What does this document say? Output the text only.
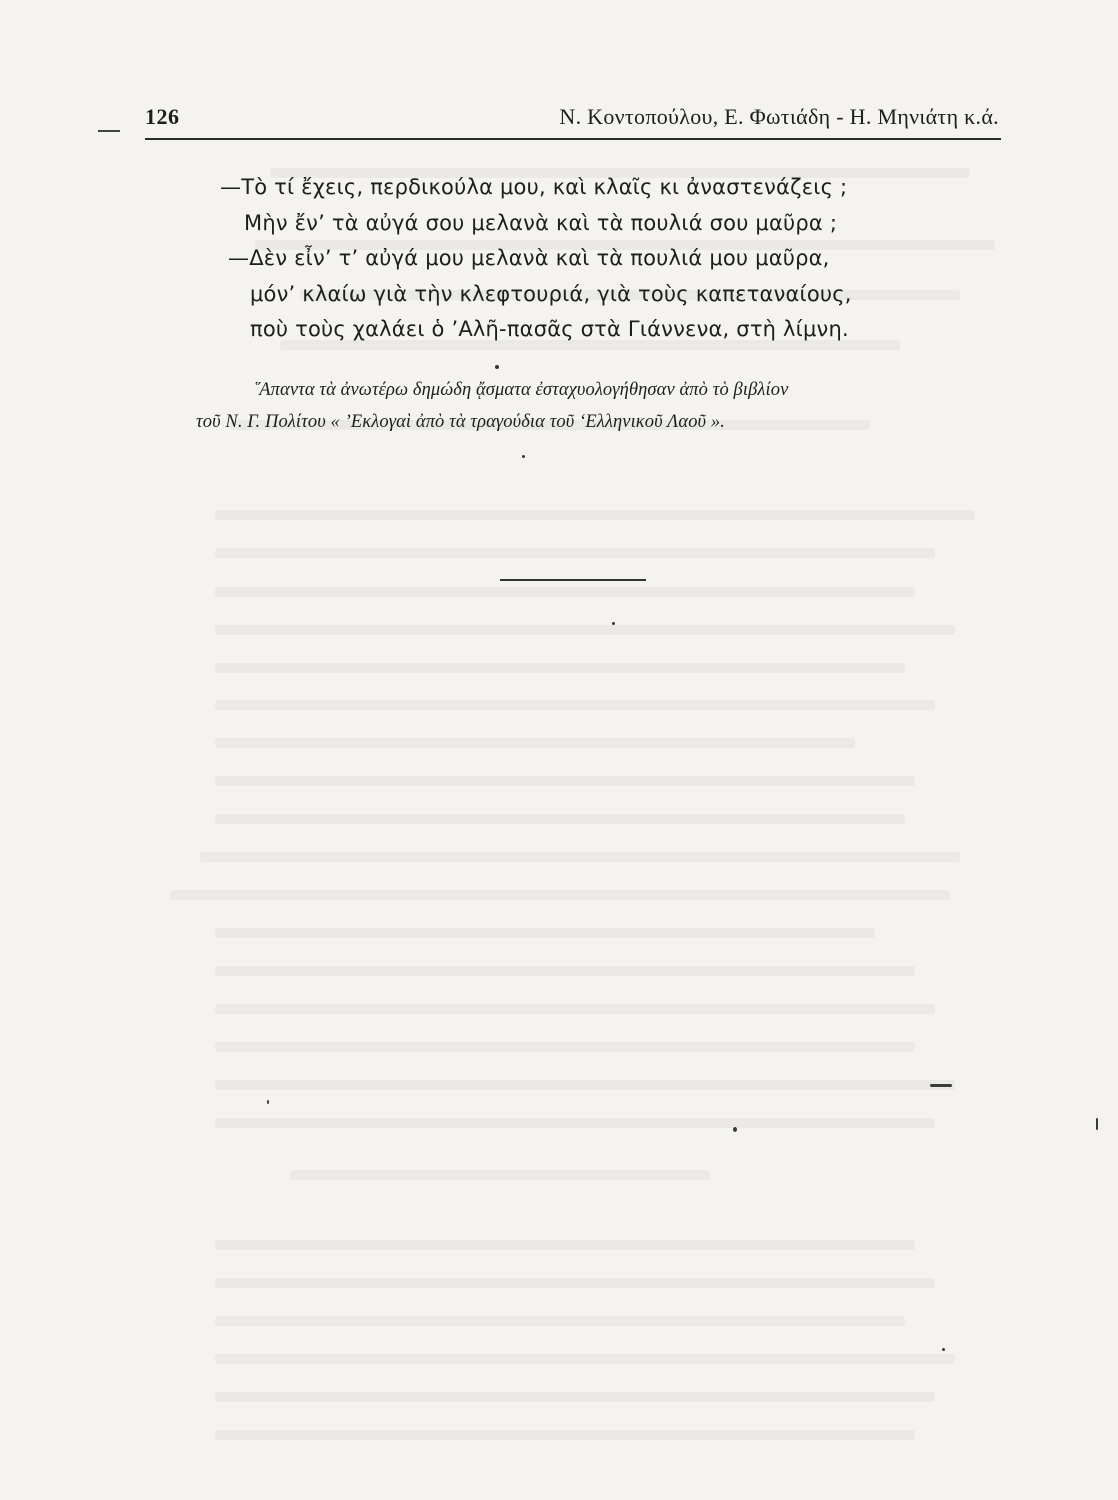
126	Ν. Κοντοπούλου, Ε. Φωτιάδη - Η. Μηνιάτη κ.ά.
—Τὸ τί ἔχεις, περδικούλα μου, καὶ κλαῖς κι ἀναστενάζεις ;
Μὴν ἔν’ τὰ αὐγά σου μελανὰ καὶ τὰ πουλιά σου μαῦρα ;
—Δὲν εἶν’ τ’ αὐγά μου μελανὰ καὶ τὰ πουλιά μου μαῦρα,
μόν’ κλαίω γιὰ τὴν κλεφτουριά, γιὰ τοὺς καπεταναίους,
ποὺ τοὺς χαλάει ὁ ’Αλῆ-πασᾶς στὰ Γιάννενα, στὴ λίμνη.
῞Απαντα τὰ ἀνωτέρω δημώδη ᾄσματα ἐσταχυολογήθησαν ἀπὸ τὸ βιβλίον
τοῦ Ν. Γ. Πολίτου « ’Εκλογαὶ ἀπὸ τὰ τραγούδια τοῦ ‘Ελληνικοῦ Λαοῦ ».
